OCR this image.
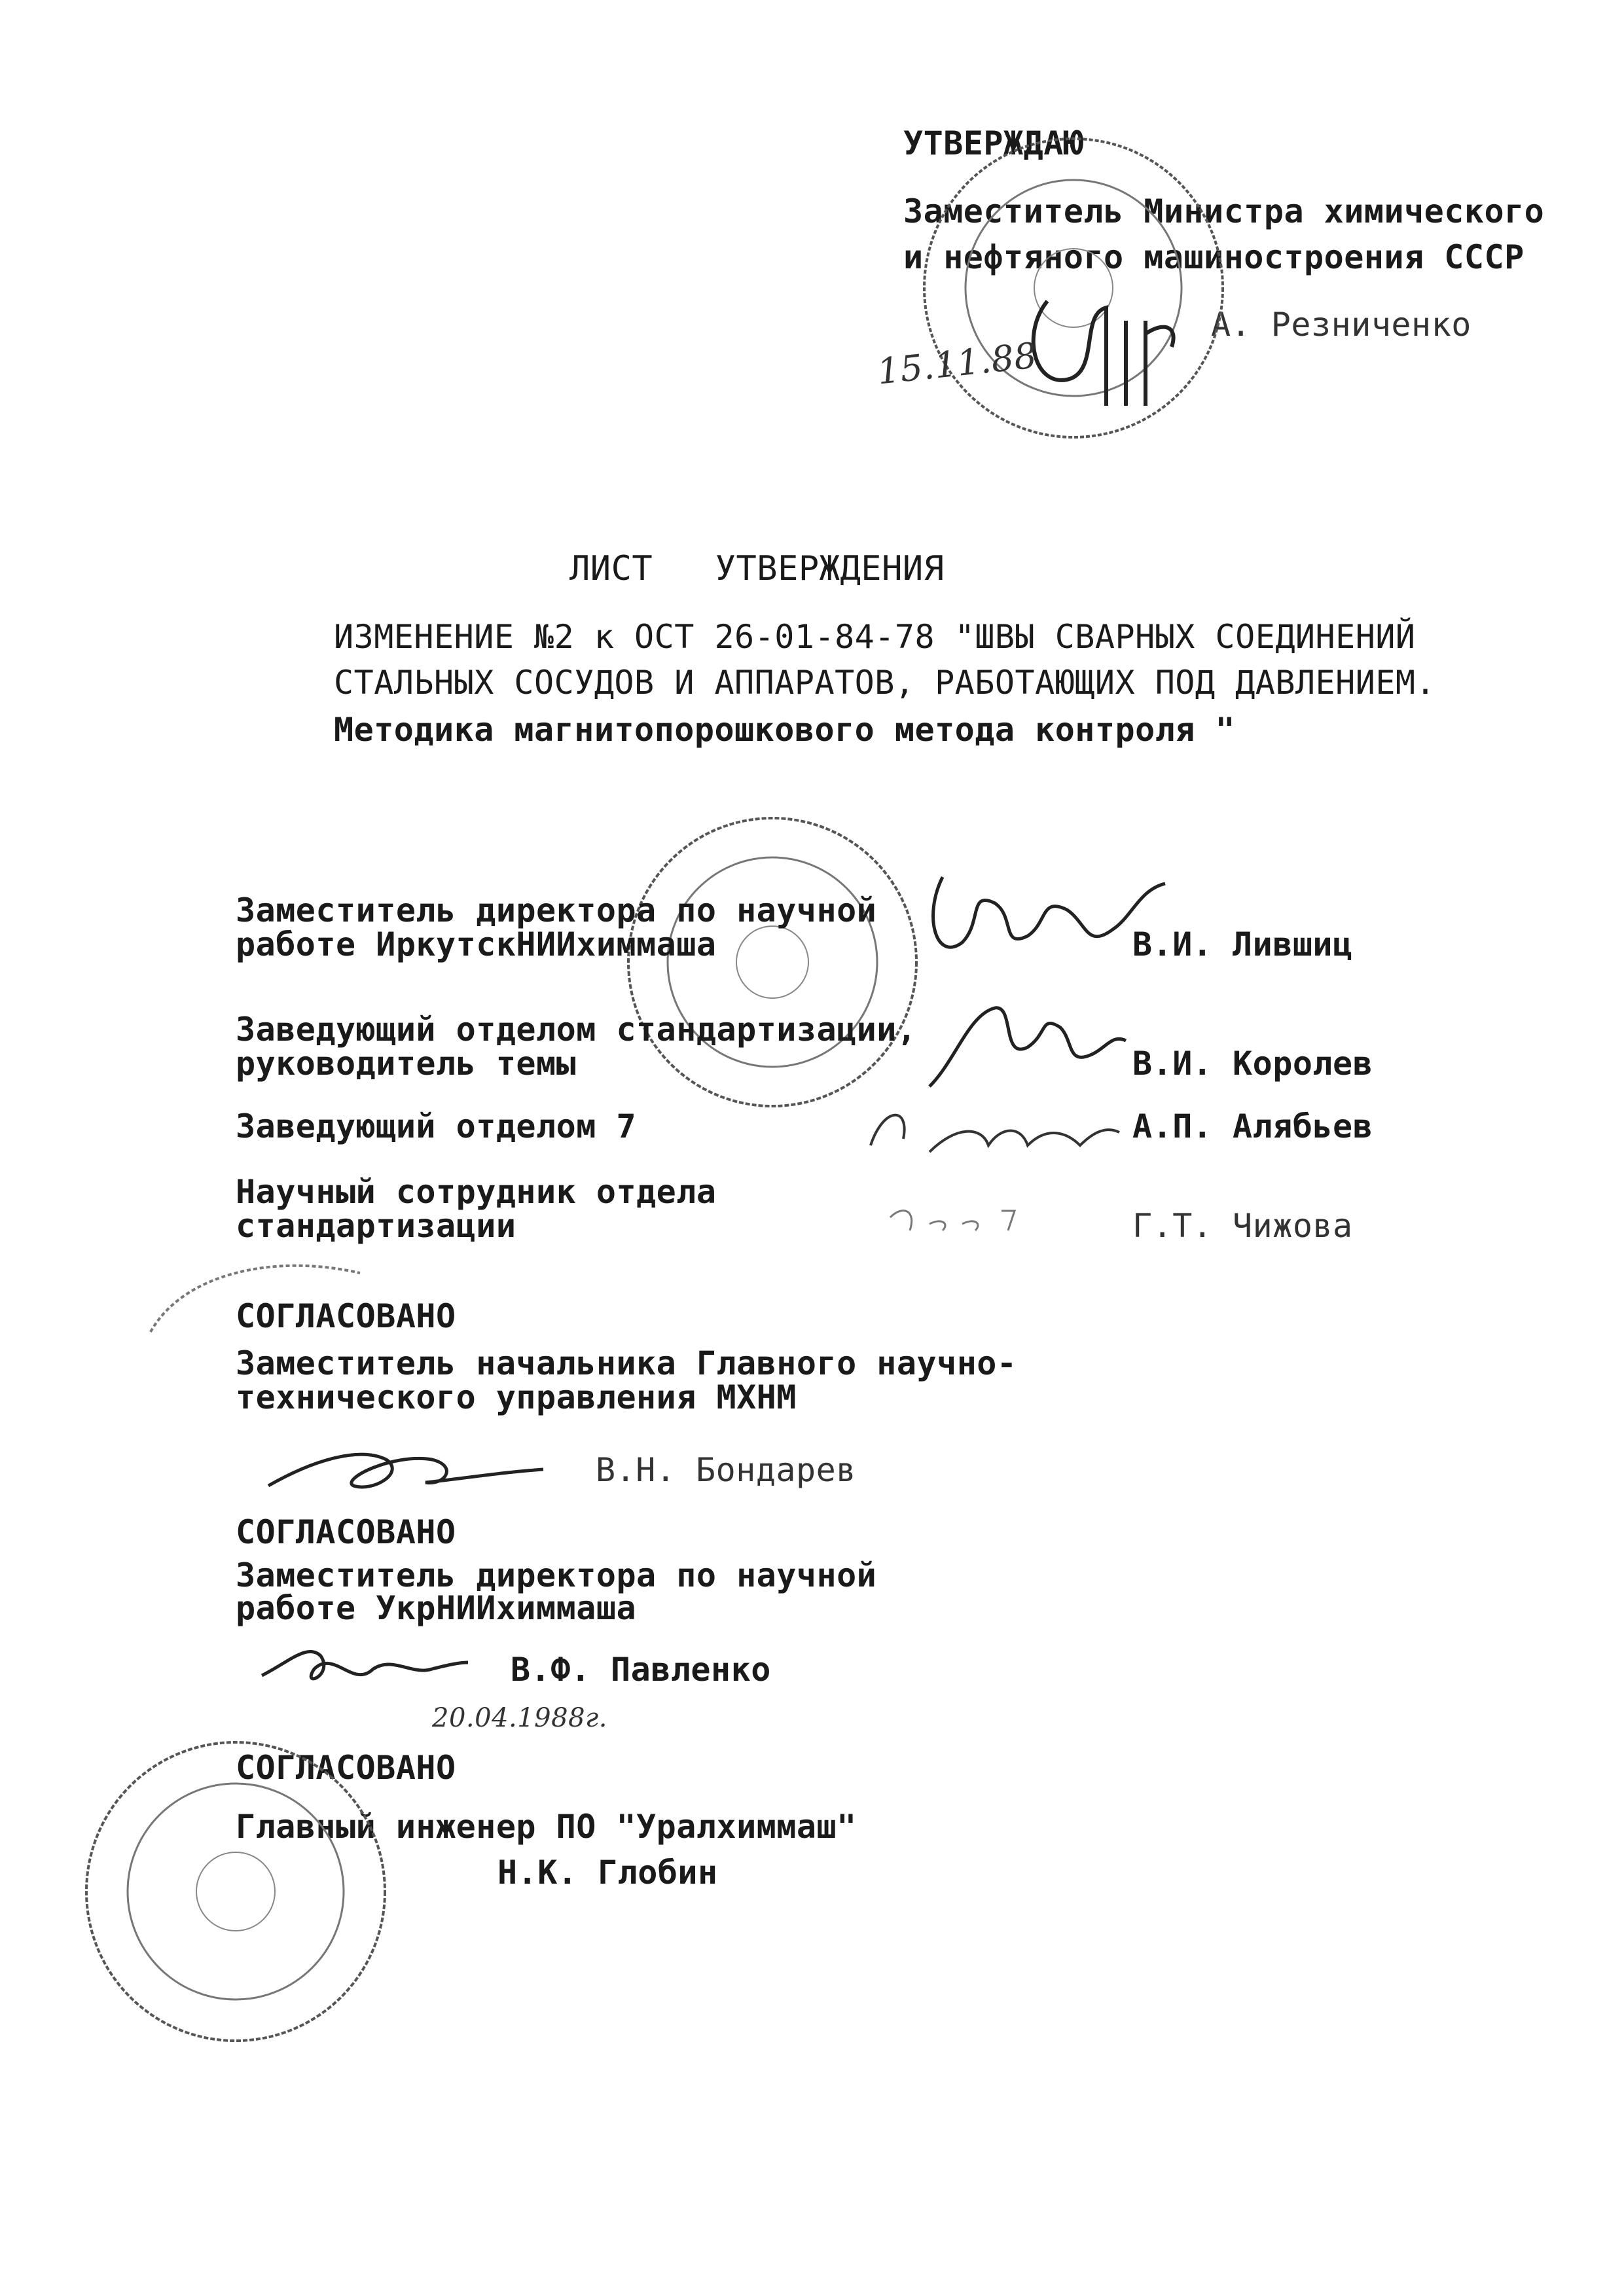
УТВЕРЖДАЮ
Заместитель Министра химического
и нефтяного машиностроения СССР
А. Резниченко
15.11.88
ЛИСТ   УТВЕРЖДЕНИЯ
ИЗМЕНЕНИЕ №2 к ОСТ 26-01-84-78 "ШВЫ СВАРНЫХ СОЕДИНЕНИЙ
СТАЛЬНЫХ СОСУДОВ И АППАРАТОВ, РАБОТАЮЩИХ ПОД ДАВЛЕНИЕМ.
Методика магнитопорошкового метода контроля "
Заместитель директора по научной
работе ИркутскНИИхиммаша	В.И. Лившиц
Заведующий отделом стандартизации,
руководитель темы	В.И. Королев
Заведующий отделом 7	А.П. Алябьев
Научный сотрудник отдела
стандартизации	Г.Т. Чижова
СОГЛАСОВАНО
Заместитель начальника Главного научно-
технического управления МХНМ
В.Н. Бондарев
СОГЛАСОВАНО
Заместитель директора по научной
работе УкрНИИхиммаша
В.Ф. Павленко
20.04.1988г.
СОГЛАСОВАНО
Главный инженер ПО "Уралхиммаш"
Н.К. Глобин
